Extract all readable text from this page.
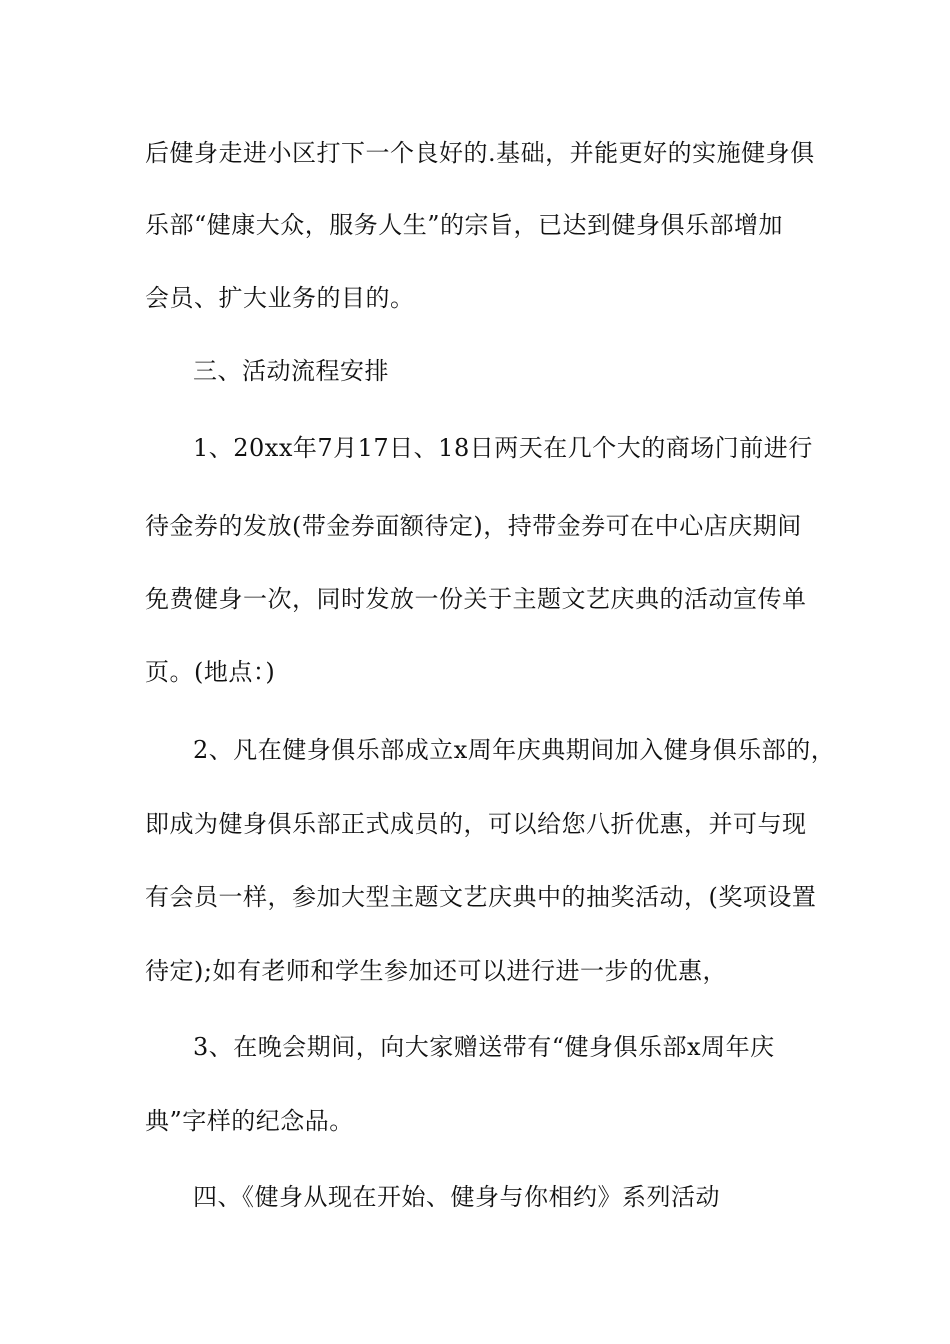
后健身走进小区打下一个良好的.基础，并能更好的实施健身俱
乐部“健康大众，服务人生”的宗旨，已达到健身俱乐部增加
会员、扩大业务的目的。
三、活动流程安排
1、20xx年7月17日、18日两天在几个大的商场门前进行
待金券的发放(带金券面额待定)，持带金券可在中心店庆期间
免费健身一次，同时发放一份关于主题文艺庆典的活动宣传单
页。(地点：)
2、凡在健身俱乐部成立x周年庆典期间加入健身俱乐部的，
即成为健身俱乐部正式成员的，可以给您八折优惠，并可与现
有会员一样，参加大型主题文艺庆典中的抽奖活动，(奖项设置
待定);如有老师和学生参加还可以进行进一步的优惠，
3、在晚会期间，向大家赠送带有“健身俱乐部x周年庆
典”字样的纪念品。
四、《健身从现在开始、健身与你相约》系列活动
